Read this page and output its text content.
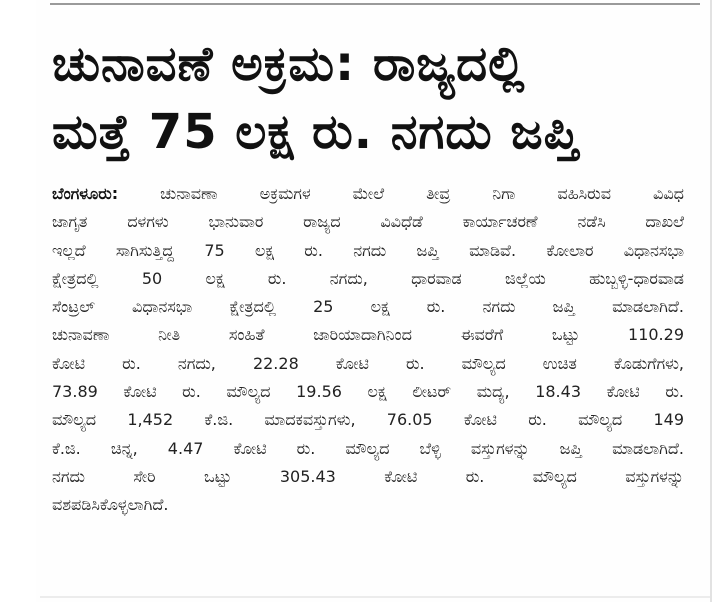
ಚುನಾವಣೆ ಅಕ್ರಮ: ರಾಜ್ಯದಲ್ಲಿ
ಮತ್ತೆ 75 ಲಕ್ಷ ರು. ನಗದು ಜಪ್ತಿ
ಬೆಂಗಳೂರು: ಚುನಾವಣಾ ಅಕ್ರಮಗಳ ಮೇಲೆ ತೀವ್ರ ನಿಗಾ ವಹಿಸಿರುವ ವಿವಿಧ
ಜಾಗೃತ ದಳಗಳು ಭಾನುವಾರ ರಾಜ್ಯದ ವಿವಿಧೆಡೆ ಕಾರ್ಯಾಚರಣೆ ನಡೆಸಿ ದಾಖಲೆ
ಇಲ್ಲದೆ ಸಾಗಿಸುತ್ತಿದ್ದ 75 ಲಕ್ಷ ರು. ನಗದು ಜಪ್ತಿ ಮಾಡಿವೆ. ಕೋಲಾರ ವಿಧಾನಸಭಾ
ಕ್ಷೇತ್ರದಲ್ಲಿ 50 ಲಕ್ಷ ರು. ನಗದು, ಧಾರವಾಡ ಜಿಲ್ಲೆಯ ಹುಬ್ಬಳ್ಳಿ-ಧಾರವಾಡ
ಸೆಂಟ್ರಲ್ ವಿಧಾನಸಭಾ ಕ್ಷೇತ್ರದಲ್ಲಿ 25 ಲಕ್ಷ ರು. ನಗದು ಜಪ್ತಿ ಮಾಡಲಾಗಿದೆ.
ಚುನಾವಣಾ ನೀತಿ ಸಂಹಿತೆ ಜಾರಿಯಾದಾಗಿನಿಂದ ಈವರೆಗೆ ಒಟ್ಟು 110.29
ಕೋಟಿ ರು. ನಗದು, 22.28 ಕೋಟಿ ರು. ಮೌಲ್ಯದ ಉಚಿತ ಕೊಡುಗೆಗಳು,
73.89 ಕೋಟಿ ರು. ಮೌಲ್ಯದ 19.56 ಲಕ್ಷ ಲೀಟರ್ ಮದ್ಯ, 18.43 ಕೋಟಿ ರು.
ಮೌಲ್ಯದ 1,452 ಕೆ.ಜಿ. ಮಾದಕವಸ್ತುಗಳು, 76.05 ಕೋಟಿ ರು. ಮೌಲ್ಯದ 149
ಕೆ.ಜಿ. ಚಿನ್ನ, 4.47 ಕೋಟಿ ರು. ಮೌಲ್ಯದ ಬೆಳ್ಳಿ ವಸ್ತುಗಳನ್ನು ಜಪ್ತಿ ಮಾಡಲಾಗಿದೆ.
ನಗದು ಸೇರಿ ಒಟ್ಟು 305.43 ಕೋಟಿ ರು. ಮೌಲ್ಯದ ವಸ್ತುಗಳನ್ನು
ವಶಪಡಿಸಿಕೊಳ್ಳಲಾಗಿದೆ.
